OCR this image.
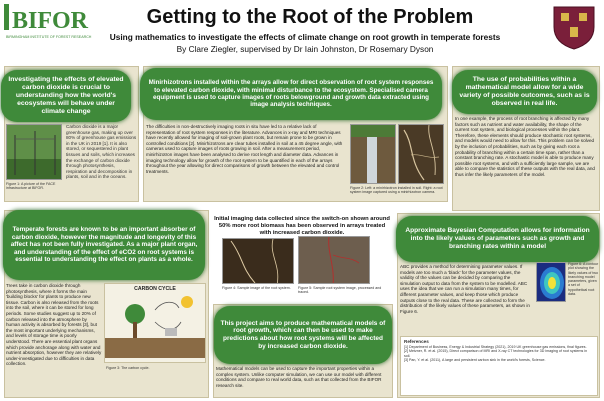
BIFOR
BIRMINGHAM INSTITUTE OF FOREST RESEARCH
Getting to the Root of the Problem
Using mathematics to investigate the effects of climate change on root growth in temperate forests
By Clare Ziegler, supervised by Dr Iain Johnston, Dr Rosemary Dyson
Investigating the effects of elevated carbon dioxide is crucial to understanding how the world's ecosystems will behave under climate change
Figure 1: A picture of the FACE infrastructure at BIFOR.
Carbon dioxide is a major greenhouse gas, making up over 80% of greenhouse gas emissions in the UK in 2019 [1]. It is also stored, or sequestered in plant tissues and soils, which increases the exchange of carbon dioxide through photosynthesis, respiration and decomposition in plants, soil and in the oceans.
Minirhizotrons installed within the arrays allow for direct observation of root system responses to elevated carbon dioxide, with minimal disturbance to the ecosystem. Specialised camera equipment is used to capture images of roots belowground and growth data extracted using image analysis techniques.
The difficulties in non-destructively imaging roots in situ have led to a relative lack of representation of root system responses in the literature. Advances in x-ray and MRI techniques have recently allowed for imaging of soil-grown plant roots, but remain prone to be grown in controlled conditions [2]. Minirhizotrons are clear tubes installed in soil at a 45 degree angle, with cameras used to capture images of roots growing in soil. After a measurement period, minirhizotron images have been analysed to derive root length and diameter data. Advances in imaging technology allow for growth of the root system to be quantified in each of the arrays throughout the year allowing for direct comparisons of growth between the elevated and control treatments.
Figure 2: Left: a minirhizotron installed in soil. Right: a root system image captured using a minirhizotron camera.
The use of probabilities within a mathematical model allow for a wide variety of possible outcomes, such as is observed in real life.
In one example, the process of root branching is affected by many factors such as nutrient and water availability, the shape of the current root system, and biological processes within the plant. Therefore, these elements should produce stochastic root systems, and models would need to allow for this. This problem can be solved by the inclusion of probabilities, such as by giving each root a probability of branching within a certain time span, rather than a constant branching rate. A stochastic model is able to produce many possible root systems, and with a sufficiently large sample, we are able to compare the statistics of these outputs with the real data, and thus infer the likely parameters of the model.
Temperate forests are known to be an important absorber of carbon dioxide, however the magnitude and longevity of this affect has not been fully investigated. As a major plant organ, and understanding of the effect of eCO2 on root systems is essential to understanding the effect on plants as a whole.
Trees take in carbon dioxide through photosynthesis, where it forms the main 'building blocks' for plants to produce new tissue. Carbon is also released from the roots into the soil, where it can be stored for long periods. Some studies suggest up to 20% of carbon released into the atmosphere by human activity is absorbed by forests [3], but the most important underlying mechanisms, and levels of storage time is poorly understood. There are essential plant organs which provide anchorage along with water and nutrient absorption, however they are relatively under-investigated due to difficulties in data collection.
CARBON CYCLE
Figure 3: The carbon cycle.
Initial imaging data collected since the switch-on shown around 50% more root biomass has been observed in arrays treated with increased carbon dioxide.
Figure 4: Sample image of the root system.	Figure 5: Sample root system image, processed and traced.
This project aims to produce mathematical models of root growth, which can then be used to make predictions about how root systems will be affected by increased carbon dioxide.
Mathematical models can be used to capture the important properties within a complex system. Unlike computer simulation, we can use our model with different conditions and compare to real world data, such as that collected from the BIFOR research site.
Approximate Bayesian Computation allows for information into the likely values of parameters such as growth and branching rates within a model
ABC provides a method for determining parameter values. If models are too much a 'black' for the parameter values, the validity of the values can be decided by comparing the simulation output to data from the system to be modelled. ABC uses the idea that we can run a simulation many times, for different parameter values, and keep those which produce outputs close to the real data. These are collected to form the distribution of the likely values of these parameters, as shown in Figure 6.
Figure 6: A contour plot showing the likely values of two branching model parameters, given a set of hypothetical root data.
References
[1] Department of Business, Energy & Industrial Strategy (2021), 2019 UK greenhouse gas emissions, final figures.
[2] Metzner, R. et al. (2015), Direct comparison of MRI and X-ray CT technologies for 3D imaging of root systems in soil.
[3] Pan, Y. et al. (2011), A large and persistent carbon sink in the world's forests, Science.
